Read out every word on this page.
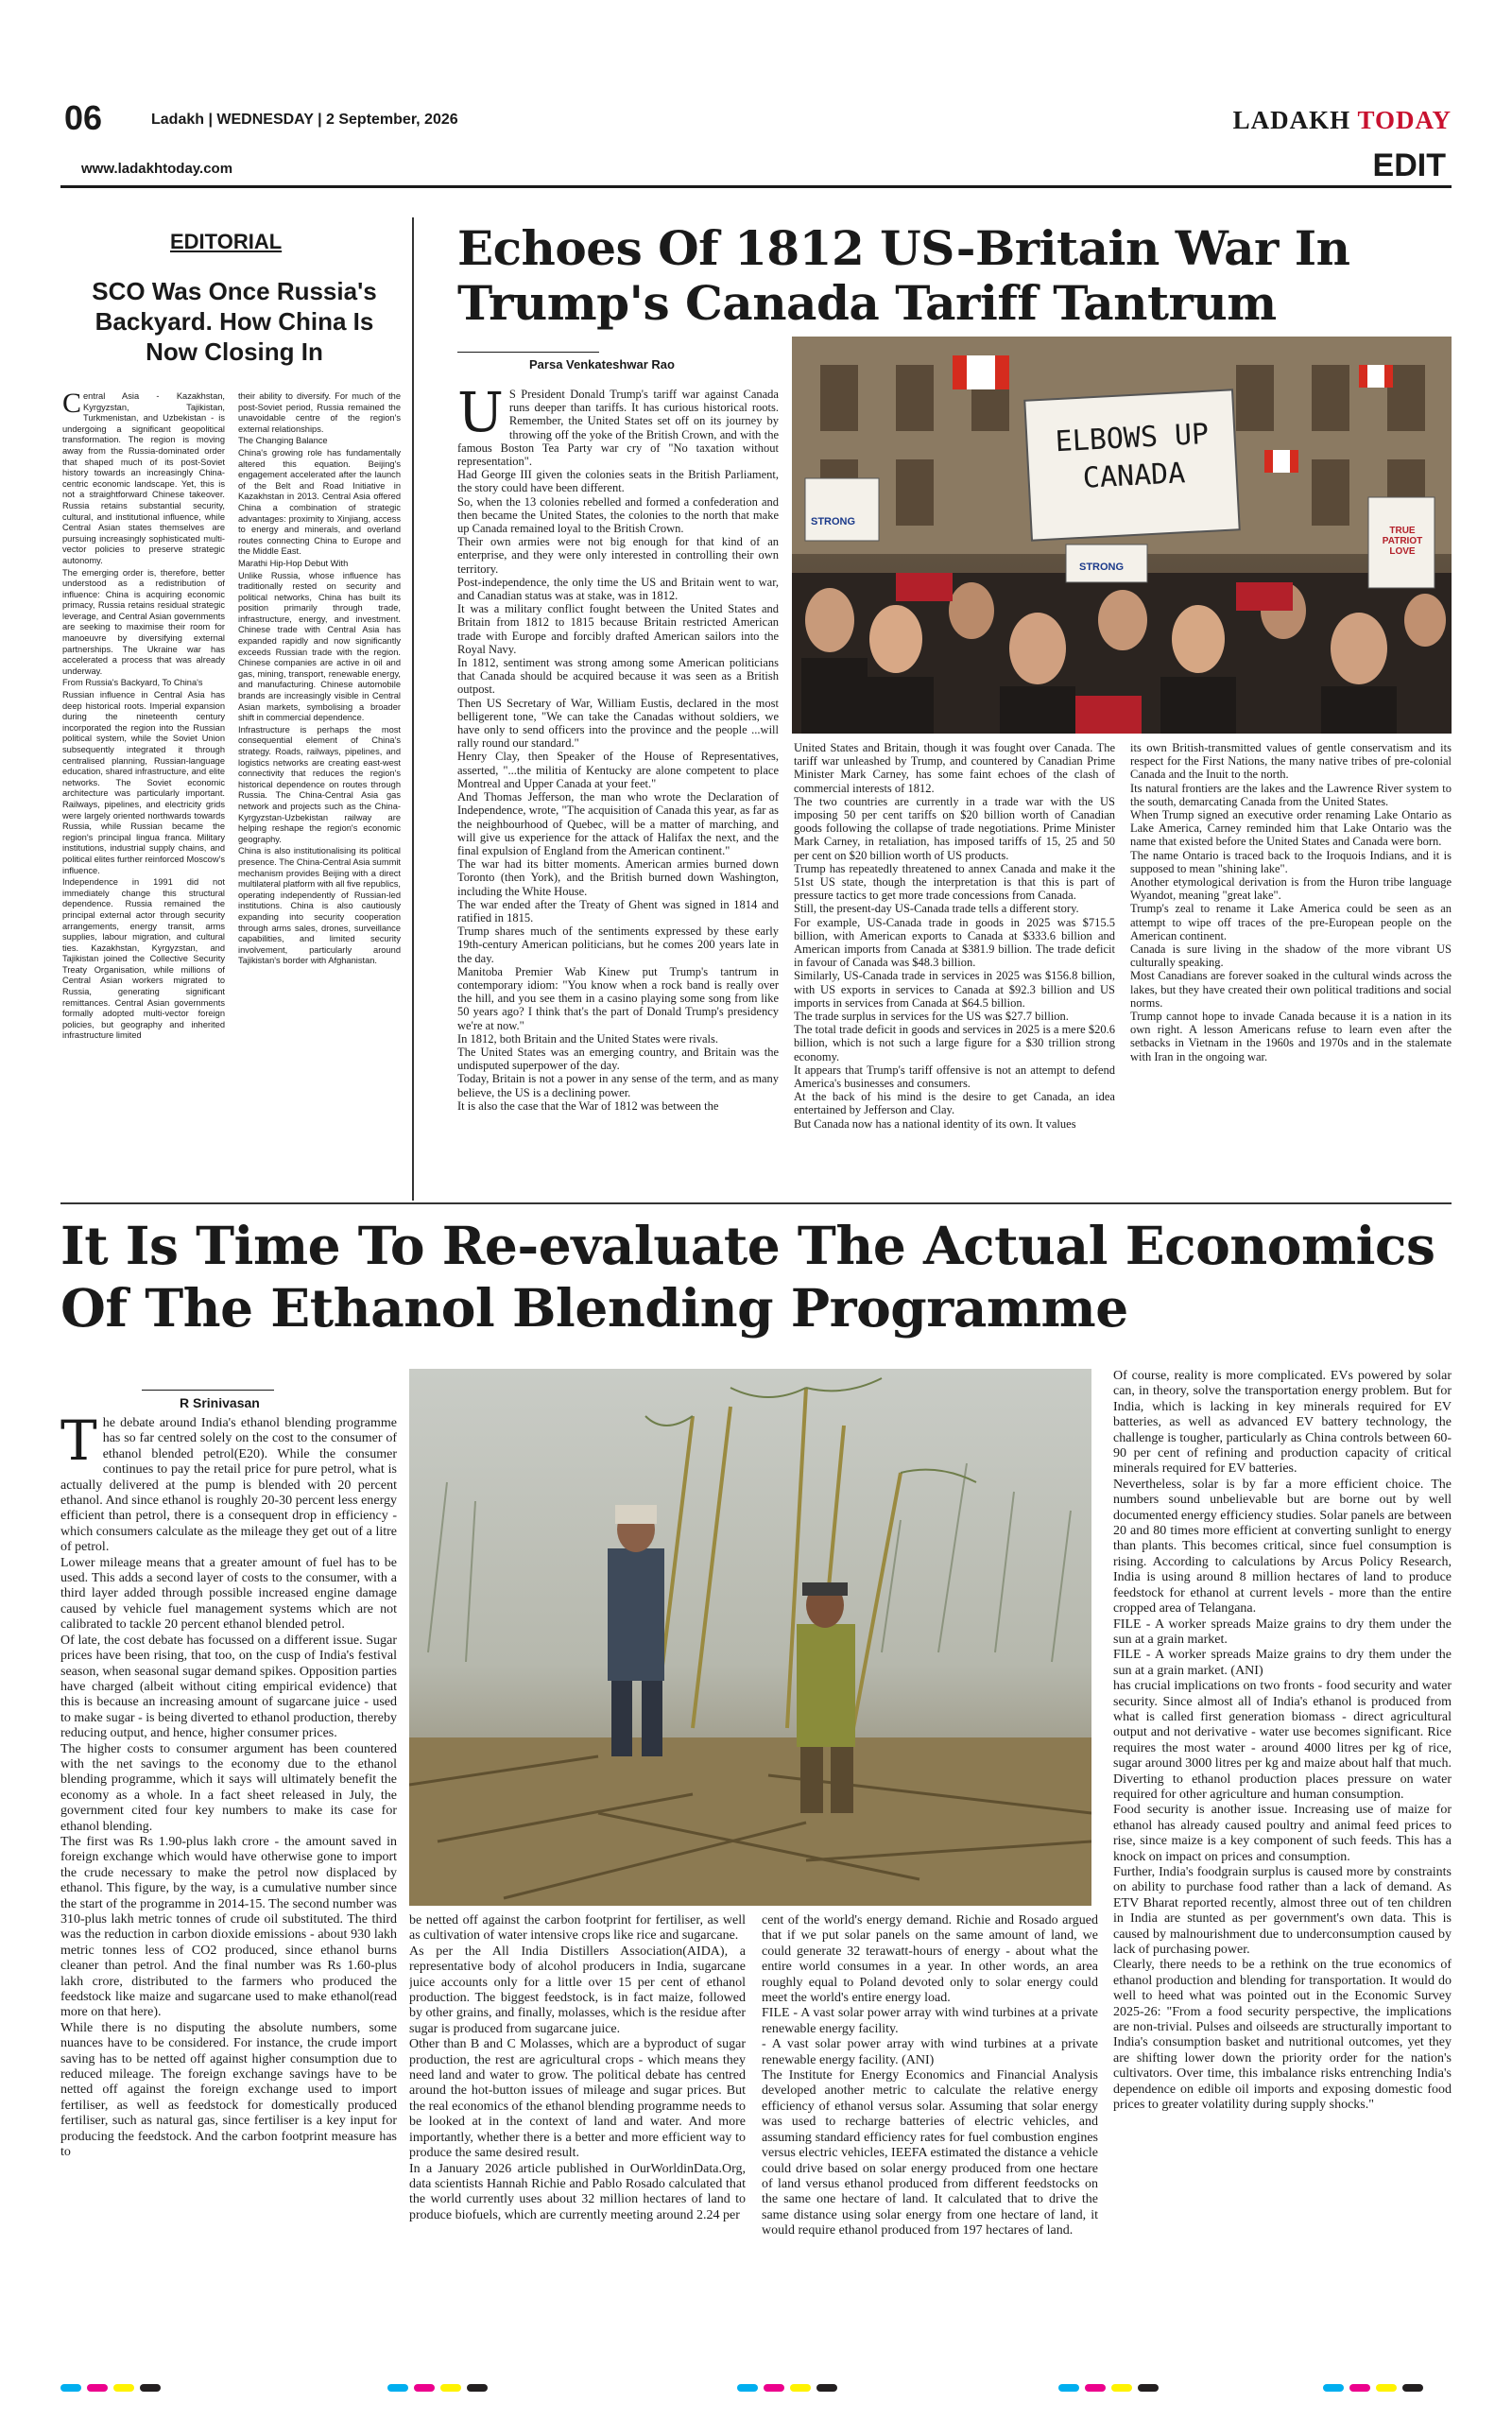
06	Ladakh | WEDNESDAY | 2 September, 2026
www.ladakhtoday.com
LADAKH TODAY
EDIT
EDITORIAL
SCO Was Once Russia's Backyard. How China Is Now Closing In

Central Asia - Kazakhstan, Kyrgyzstan, Tajikistan, Turkmenistan, and Uzbekistan - is undergoing a significant geopolitical transformation. The region is moving away from the Russia-dominated order that shaped much of its post-Soviet history towards an increasingly China-centric economic landscape. Yet, this is not a straightforward Chinese takeover. Russia retains substantial security, cultural, and institutional influence, while Central Asian states themselves are pursuing increasingly sophisticated multi-vector policies to preserve strategic autonomy.

The emerging order is, therefore, better understood as a redistribution of influence: China is acquiring economic primacy, Russia retains residual strategic leverage, and Central Asian governments are seeking to maximise their room for manoeuvre by diversifying external partnerships. The Ukraine war has accelerated a process that was already underway.

From Russia's Backyard, To China's

Russian influence in Central Asia has deep historical roots. Imperial expansion during the nineteenth century incorporated the region into the Russian political system, while the Soviet Union subsequently integrated it through centralised planning, Russian-language education, shared infrastructure, and elite networks. The Soviet economic architecture was particularly important. Railways, pipelines, and electricity grids were largely oriented northwards towards Russia, while Russian became the region's principal lingua franca. Military institutions, industrial supply chains, and political elites further reinforced Moscow's influence.

Independence in 1991 did not immediately change this structural dependence. Russia remained the principal external actor through security arrangements, energy transit, arms supplies, labour migration, and cultural ties. Kazakhstan, Kyrgyzstan, and Tajikistan joined the Collective Security Treaty Organisation, while millions of Central Asian workers migrated to Russia, generating significant remittances. Central Asian governments formally adopted multi-vector foreign policies, but geography and inherited infrastructure limited

their ability to diversify. For much of the post-Soviet period, Russia remained the unavoidable centre of the region's external relationships.

The Changing Balance

China's growing role has fundamentally altered this equation. Beijing's engagement accelerated after the launch of the Belt and Road Initiative in Kazakhstan in 2013. Central Asia offered China a combination of strategic advantages: proximity to Xinjiang, access to energy and minerals, and overland routes connecting China to Europe and the Middle East.

Marathi Hip-Hop Debut With

Unlike Russia, whose influence has traditionally rested on security and political networks, China has built its position primarily through trade, infrastructure, energy, and investment. Chinese trade with Central Asia has expanded rapidly and now significantly exceeds Russian trade with the region. Chinese companies are active in oil and gas, mining, transport, renewable energy, and manufacturing. Chinese automobile brands are increasingly visible in Central Asian markets, symbolising a broader shift in commercial dependence.

Infrastructure is perhaps the most consequential element of China's strategy. Roads, railways, pipelines, and logistics networks are creating east-west connectivity that reduces the region's historical dependence on routes through Russia. The China-Central Asia gas network and projects such as the China-Kyrgyzstan-Uzbekistan railway are helping reshape the region's economic geography.

China is also institutionalising its political presence. The China-Central Asia summit mechanism provides Beijing with a direct multilateral platform with all five republics, operating independently of Russian-led institutions. China is also cautiously expanding into security cooperation through arms sales, drones, surveillance capabilities, and limited security involvement, particularly around Tajikistan's border with Afghanistan.

Echoes Of 1812 US-Britain War In Trump's Canada Tariff Tantrum
Parsa Venkateshwar Rao
ELBOWS UP CANADA
STRONG
STRONG
TRUE PATRIOT LOVE

U S President Donald Trump's tariff war against Canada runs deeper than tariffs. It has curious historical roots. Remember, the United States set off on its journey by throwing off the yoke of the British Crown, and with the famous Boston Tea Party war cry of "No taxation without representation".

Had George III given the colonies seats in the British Parliament, the story could have been different.

So, when the 13 colonies rebelled and formed a confederation and then became the United States, the colonies to the north that make up Canada remained loyal to the British Crown.

Their own armies were not big enough for that kind of an enterprise, and they were only interested in controlling their own territory.

Post-independence, the only time the US and Britain went to war, and Canadian status was at stake, was in 1812.

It was a military conflict fought between the United States and Britain from 1812 to 1815 because Britain restricted American trade with Europe and forcibly drafted American sailors into the Royal Navy.

In 1812, sentiment was strong among some American politicians that Canada should be acquired because it was seen as a British outpost.

Then US Secretary of War, William Eustis, declared in the most belligerent tone, "We can take the Canadas without soldiers, we have only to send officers into the province and the people ...will rally round our standard."

Henry Clay, then Speaker of the House of Representatives, asserted, "...the militia of Kentucky are alone competent to place Montreal and Upper Canada at your feet."

And Thomas Jefferson, the man who wrote the Declaration of Independence, wrote, "The acquisition of Canada this year, as far as the neighbourhood of Quebec, will be a matter of marching, and will give us experience for the attack of Halifax the next, and the final expulsion of England from the American continent."

The war had its bitter moments. American armies burned down Toronto (then York), and the British burned down Washington, including the White House.

The war ended after the Treaty of Ghent was signed in 1814 and ratified in 1815.

Trump shares much of the sentiments expressed by these early 19th-century American politicians, but he comes 200 years late in the day.

Manitoba Premier Wab Kinew put Trump's tantrum in contemporary idiom: "You know when a rock band is really over the hill, and you see them in a casino playing some song from like 50 years ago? I think that's the part of Donald Trump's presidency we're at now."

In 1812, both Britain and the United States were rivals.

The United States was an emerging country, and Britain was the undisputed superpower of the day.

Today, Britain is not a power in any sense of the term, and as many believe, the US is a declining power.

It is also the case that the War of 1812 was between the

United States and Britain, though it was fought over Canada. The tariff war unleashed by Trump, and countered by Canadian Prime Minister Mark Carney, has some faint echoes of the clash of commercial interests of 1812.

The two countries are currently in a trade war with the US imposing 50 per cent tariffs on $20 billion worth of Canadian goods following the collapse of trade negotiations. Prime Minister Mark Carney, in retaliation, has imposed tariffs of 15, 25 and 50 per cent on $20 billion worth of US products.

Trump has repeatedly threatened to annex Canada and make it the 51st US state, though the interpretation is that this is part of pressure tactics to get more trade concessions from Canada.

Still, the present-day US-Canada trade tells a different story.

For example, US-Canada trade in goods in 2025 was $715.5 billion, with American exports to Canada at $333.6 billion and American imports from Canada at $381.9 billion. The trade deficit in favour of Canada was $48.3 billion.

Similarly, US-Canada trade in services in 2025 was $156.8 billion, with US exports in services to Canada at $92.3 billion and US imports in services from Canada at $64.5 billion.

The trade surplus in services for the US was $27.7 billion.

The total trade deficit in goods and services in 2025 is a mere $20.6 billion, which is not such a large figure for a $30 trillion strong economy.

It appears that Trump's tariff offensive is not an attempt to defend America's businesses and consumers.

At the back of his mind is the desire to get Canada, an idea entertained by Jefferson and Clay.

But Canada now has a national identity of its own. It values

its own British-transmitted values of gentle conservatism and its respect for the First Nations, the many native tribes of pre-colonial Canada and the Inuit to the north.

Its natural frontiers are the lakes and the Lawrence River system to the south, demarcating Canada from the United States.

When Trump signed an executive order renaming Lake Ontario as Lake America, Carney reminded him that Lake Ontario was the name that existed before the United States and Canada were born.

The name Ontario is traced back to the Iroquois Indians, and it is supposed to mean "shining lake".

Another etymological derivation is from the Huron tribe language Wyandot, meaning "great lake".

Trump's zeal to rename it Lake America could be seen as an attempt to wipe off traces of the pre-European people on the American continent.

Canada is sure living in the shadow of the more vibrant US culturally speaking.

Most Canadians are forever soaked in the cultural winds across the lakes, but they have created their own political traditions and social norms.

Trump cannot hope to invade Canada because it is a nation in its own right. A lesson Americans refuse to learn even after the setbacks in Vietnam in the 1960s and 1970s and in the stalemate with Iran in the ongoing war.

It Is Time To Re-evaluate The Actual Economics Of The Ethanol Blending Programme
R Srinivasan

The debate around India's ethanol blending programme has so far centred solely on the cost to the consumer of ethanol blended petrol(E20). While the consumer continues to pay the retail price for pure petrol, what is actually delivered at the pump is blended with 20 percent ethanol. And since ethanol is roughly 20-30 percent less energy efficient than petrol, there is a consequent drop in efficiency - which consumers calculate as the mileage they get out of a litre of petrol.

Lower mileage means that a greater amount of fuel has to be used. This adds a second layer of costs to the consumer, with a third layer added through possible increased engine damage caused by vehicle fuel management systems which are not calibrated to tackle 20 percent ethanol blended petrol.

Of late, the cost debate has focussed on a different issue. Sugar prices have been rising, that too, on the cusp of India's festival season, when seasonal sugar demand spikes. Opposition parties have charged (albeit without citing empirical evidence) that this is because an increasing amount of sugarcane juice - used to make sugar - is being diverted to ethanol production, thereby reducing output, and hence, higher consumer prices.

The higher costs to consumer argument has been countered with the net savings to the economy due to the ethanol blending programme, which it says will ultimately benefit the economy as a whole. In a fact sheet released in July, the government cited four key numbers to make its case for ethanol blending.

The first was Rs 1.90-plus lakh crore - the amount saved in foreign exchange which would have otherwise gone to import the crude necessary to make the petrol now displaced by ethanol. This figure, by the way, is a cumulative number since the start of the programme in 2014-15. The second number was 310-plus lakh metric tonnes of crude oil substituted. The third was the reduction in carbon dioxide emissions - about 930 lakh metric tonnes less of CO2 produced, since ethanol burns cleaner than petrol. And the final number was Rs 1.60-plus lakh crore, distributed to the farmers who produced the feedstock like maize and sugarcane used to make ethanol(read more on that here).

While there is no disputing the absolute numbers, some nuances have to be considered. For instance, the crude import saving has to be netted off against higher consumption due to reduced mileage. The foreign exchange savings have to be netted off against the foreign exchange used to import fertiliser, as well as feedstock for domestically produced fertiliser, such as natural gas, since fertiliser is a key input for producing the feedstock. And the carbon footprint measure has to

be netted off against the carbon footprint for fertiliser, as well as cultivation of water intensive crops like rice and sugarcane.

As per the All India Distillers Association(AIDA), a representative body of alcohol producers in India, sugarcane juice accounts only for a little over 15 per cent of ethanol production. The biggest feedstock, is in fact maize, followed by other grains, and finally, molasses, which is the residue after sugar is produced from sugarcane juice.

Other than B and C Molasses, which are a byproduct of sugar production, the rest are agricultural crops - which means they need land and water to grow. The political debate has centred around the hot-button issues of mileage and sugar prices. But the real economics of the ethanol blending programme needs to be looked at in the context of land and water. And more importantly, whether there is a better and more efficient way to produce the same desired result.

In a January 2026 article published in OurWorldinData.Org, data scientists Hannah Richie and Pablo Rosado calculated that the world currently uses about 32 million hectares of land to produce biofuels, which are currently meeting around 2.24 per

cent of the world's energy demand. Richie and Rosado argued that if we put solar panels on the same amount of land, we could generate 32 terawatt-hours of energy - about what the entire world consumes in a year. In other words, an area roughly equal to Poland devoted only to solar energy could meet the world's entire energy load.

FILE - A vast solar power array with wind turbines at a private renewable energy facility.

- A vast solar power array with wind turbines at a private renewable energy facility. (ANI)

The Institute for Energy Economics and Financial Analysis developed another metric to calculate the relative energy efficiency of ethanol versus solar. Assuming that solar energy was used to recharge batteries of electric vehicles, and assuming standard efficiency rates for fuel combustion engines versus electric vehicles, IEEFA estimated the distance a vehicle could drive based on solar energy produced from one hectare of land versus ethanol produced from different feedstocks on the same one hectare of land. It calculated that to drive the same distance using solar energy from one hectare of land, it would require ethanol produced from 197 hectares of land.

Of course, reality is more complicated. EVs powered by solar can, in theory, solve the transportation energy problem. But for India, which is lacking in key minerals required for EV batteries, as well as advanced EV battery technology, the challenge is tougher, particularly as China controls between 60-90 per cent of refining and production capacity of critical minerals required for EV batteries.

Nevertheless, solar is by far a more efficient choice. The numbers sound unbelievable but are borne out by well documented energy efficiency studies. Solar panels are between 20 and 80 times more efficient at converting sunlight to energy than plants. This becomes critical, since fuel consumption is rising. According to calculations by Arcus Policy Research, India is using around 8 million hectares of land to produce feedstock for ethanol at current levels - more than the entire cropped area of Telangana.

FILE - A worker spreads Maize grains to dry them under the sun at a grain market.

FILE - A worker spreads Maize grains to dry them under the sun at a grain market. (ANI)

has crucial implications on two fronts - food security and water security. Since almost all of India's ethanol is produced from what is called first generation biomass - direct agricultural output and not derivative - water use becomes significant. Rice requires the most water - around 4000 litres per kg of rice, sugar around 3000 litres per kg and maize about half that much. Diverting to ethanol production places pressure on water required for other agriculture and human consumption.

Food security is another issue. Increasing use of maize for ethanol has already caused poultry and animal feed prices to rise, since maize is a key component of such feeds. This has a knock on impact on prices and consumption.

Further, India's foodgrain surplus is caused more by constraints on ability to purchase food rather than a lack of demand. As ETV Bharat reported recently, almost three out of ten children in India are stunted as per government's own data. This is caused by malnourishment due to underconsumption caused by lack of purchasing power.

Clearly, there needs to be a rethink on the true economics of ethanol production and blending for transportation. It would do well to heed what was pointed out in the Economic Survey 2025-26: "From a food security perspective, the implications are non-trivial. Pulses and oilseeds are structurally important to India's consumption basket and nutritional outcomes, yet they are shifting lower down the priority order for the nation's cultivators. Over time, this imbalance risks entrenching India's dependence on edible oil imports and exposing domestic food prices to greater volatility during supply shocks."
